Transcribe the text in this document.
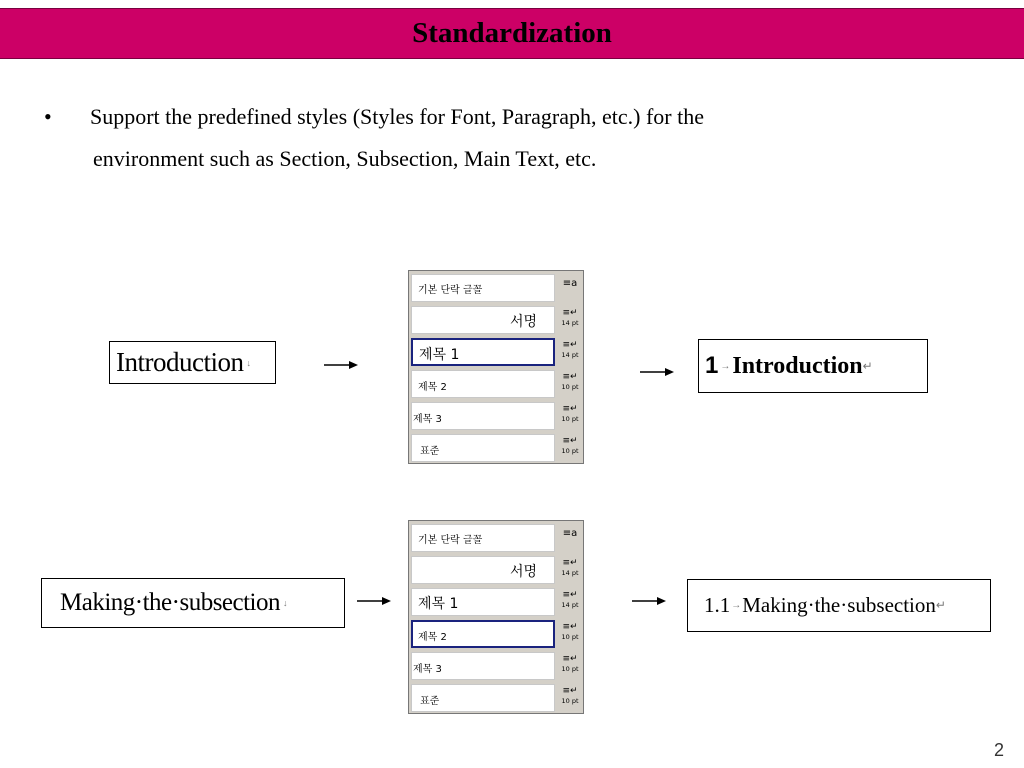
Standardization
• Support the predefined styles (Styles for Font, Paragraph, etc.) for the
environment such as Section, Subsection, Main Text, etc.
Introduction ↓
기본 단락 글꼴
≡a
서명
≡↵
14 pt
제목 1
≡↵
14 pt
제목 2
≡↵
10 pt
제목 3
≡↵
10 pt
표준
≡↵
10 pt
1 → Introduction ↵
Making·the·subsection ↓
기본 단락 글꼴
≡a
서명
≡↵
14 pt
제목 1
≡↵
14 pt
제목 2
≡↵
10 pt
제목 3
≡↵
10 pt
표준
≡↵
10 pt
1.1 → Making·the·subsection ↵
2
